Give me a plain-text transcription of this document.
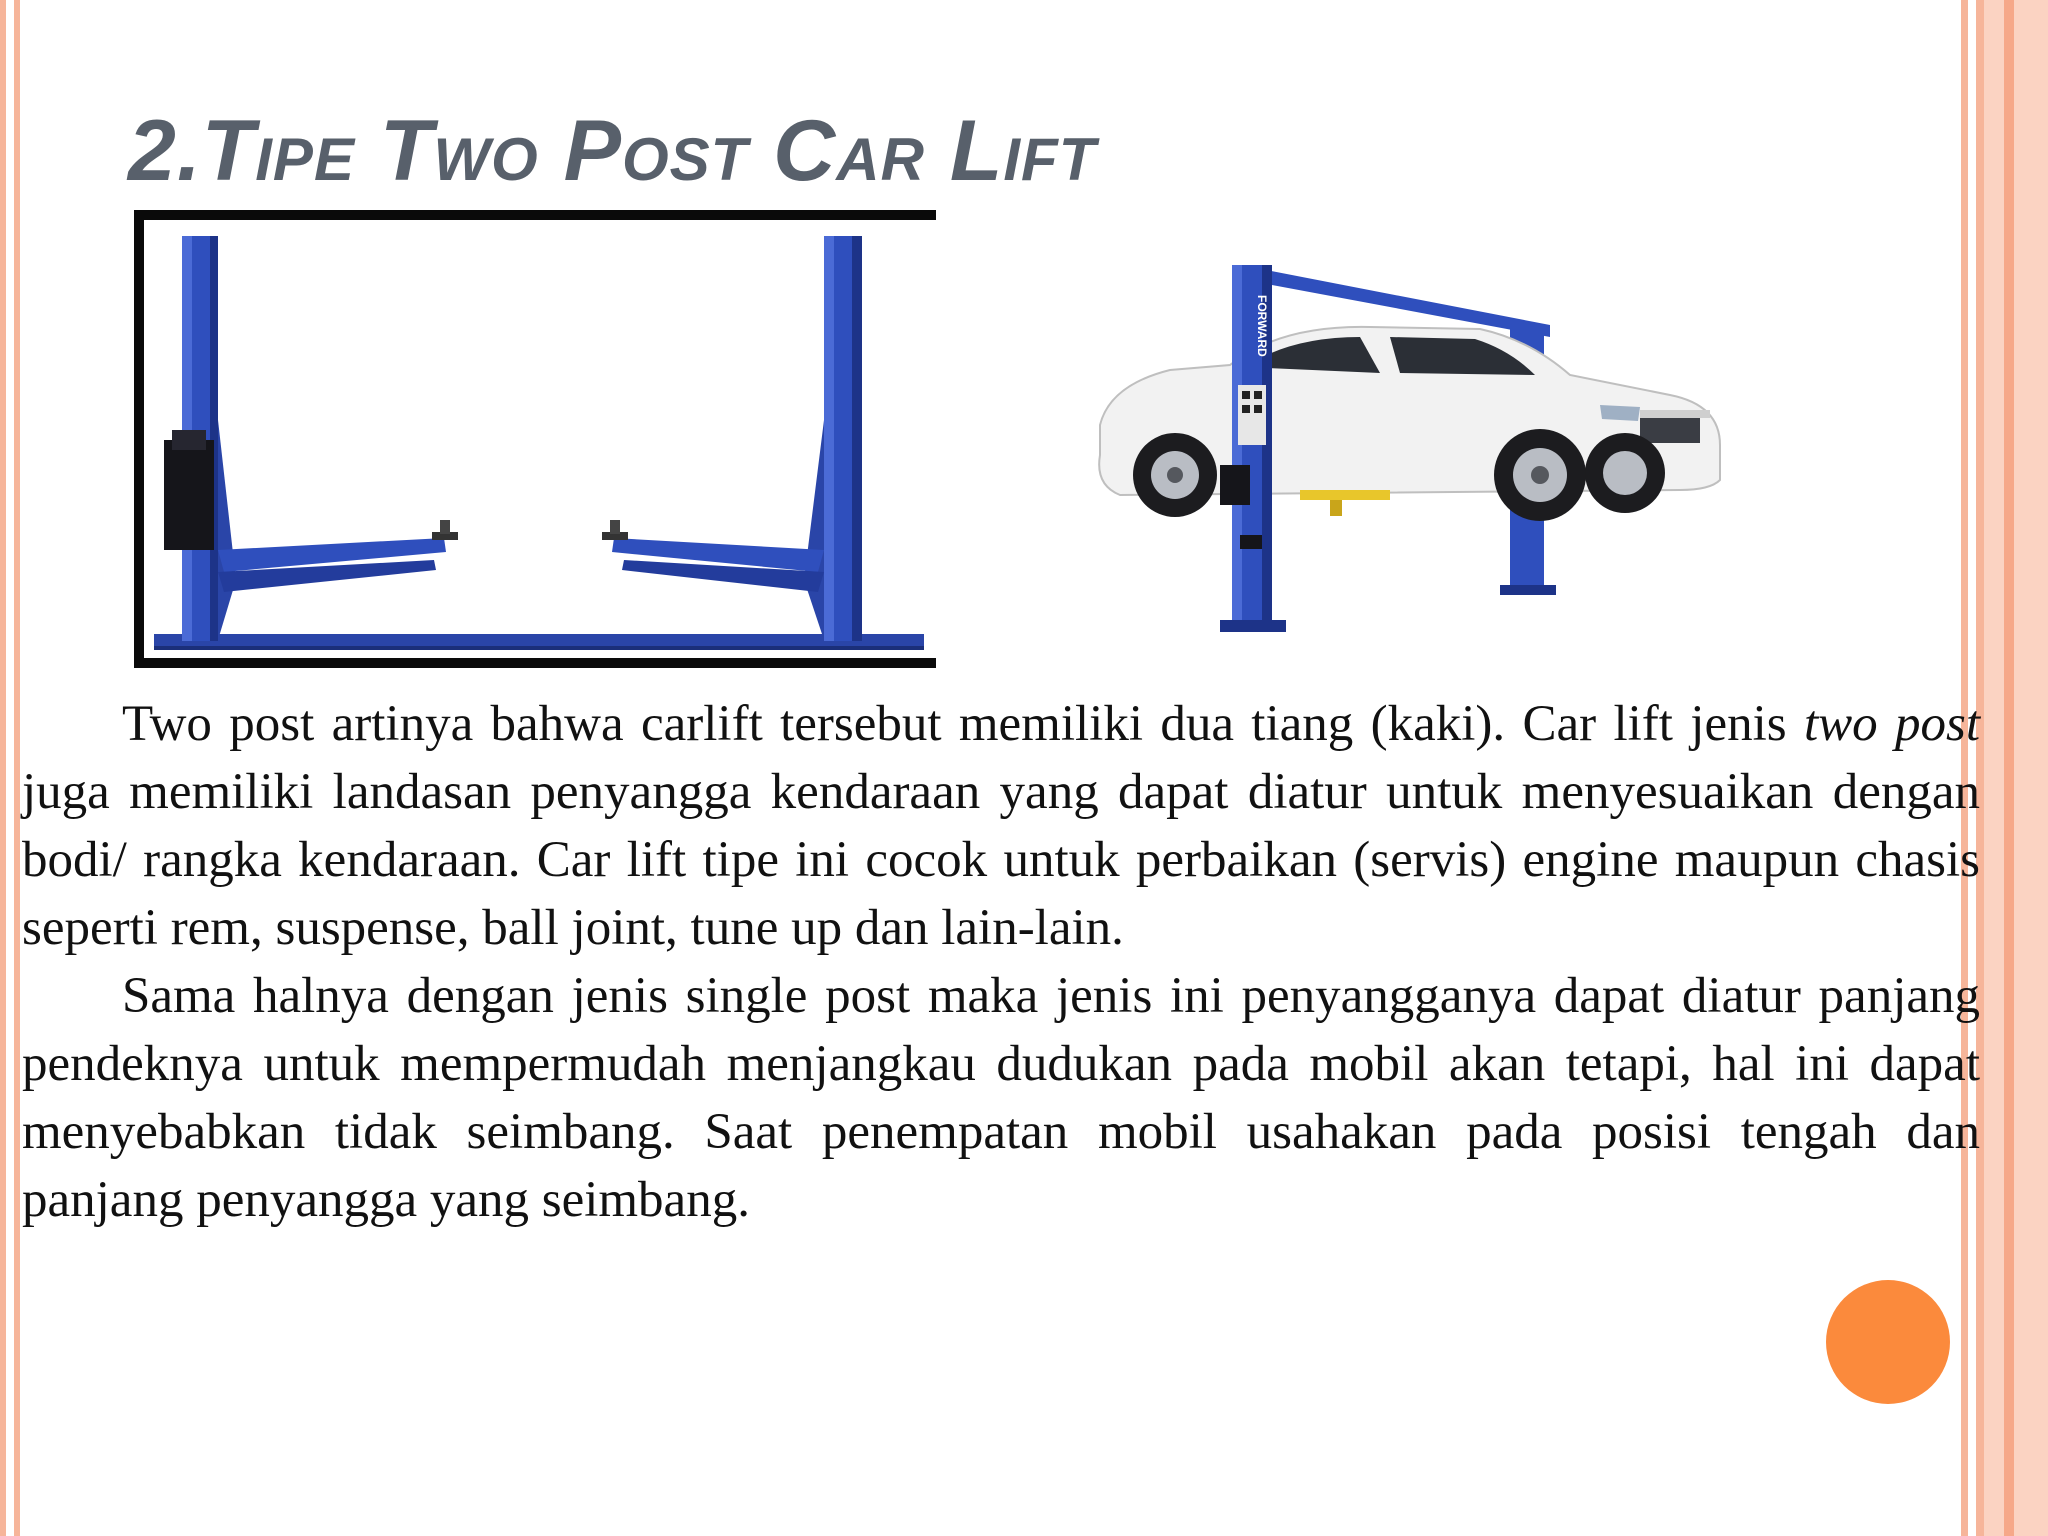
2.Tipe Two Post Car Lift
FORWARD

Two post artinya bahwa carlift tersebut memiliki dua tiang (kaki). Car lift jenis two post juga memiliki landasan penyangga kendaraan yang dapat diatur untuk menyesuaikan dengan bodi/ rangka kendaraan. Car lift tipe ini cocok untuk perbaikan (servis) engine maupun chasis seperti rem, suspense, ball joint, tune up dan lain-lain.

Sama halnya dengan jenis single post maka jenis ini penyangganya dapat diatur panjang pendeknya untuk mempermudah menjangkau dudukan pada mobil akan tetapi, hal ini dapat menyebabkan tidak seimbang. Saat penempatan mobil usahakan pada posisi tengah dan panjang penyangga yang seimbang.
